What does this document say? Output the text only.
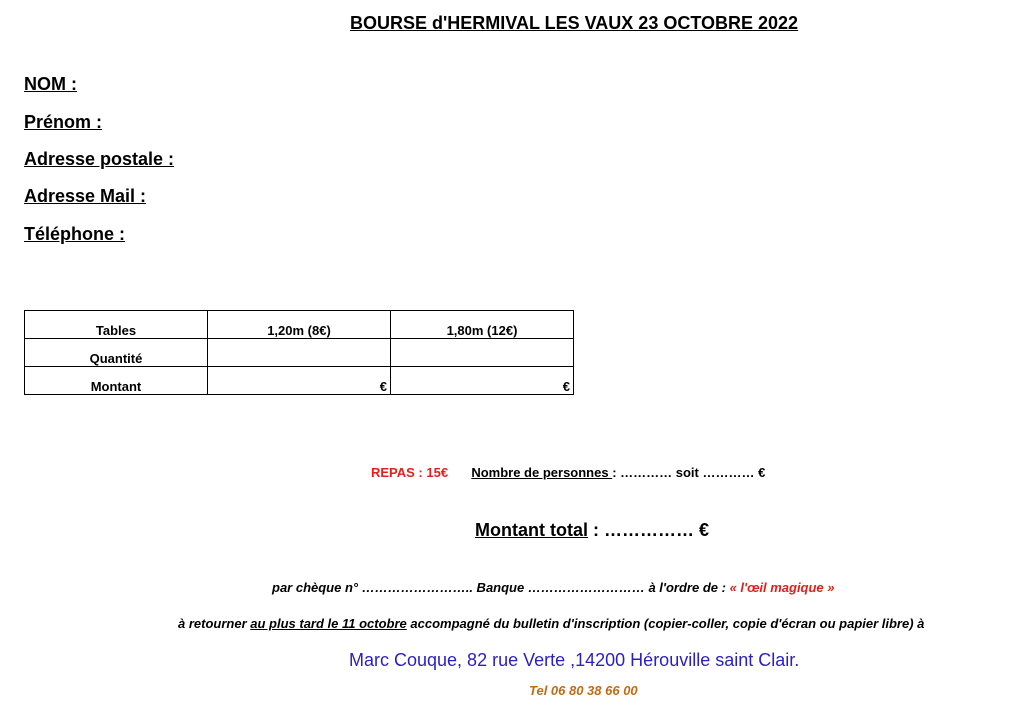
BOURSE d'HERMIVAL LES VAUX 23 OCTOBRE 2022
NOM :
Prénom :
Adresse postale :
Adresse Mail :
Téléphone :
Tables	1,20m (8€)	1,80m (12€)
Quantité		
Montant	€	€
REPAS : 15€ Nombre de personnes : ………… soit ………… €
Montant total : …………… €
par chèque n° …………………….. Banque ……………………… à l'ordre de : « l'œil magique »
à retourner au plus tard le 11 octobre accompagné du bulletin d'inscription (copier-coller, copie d'écran ou papier libre) à
Marc Couque, 82 rue Verte ,14200 Hérouville saint Clair.
Tel 06 80 38 66 00
